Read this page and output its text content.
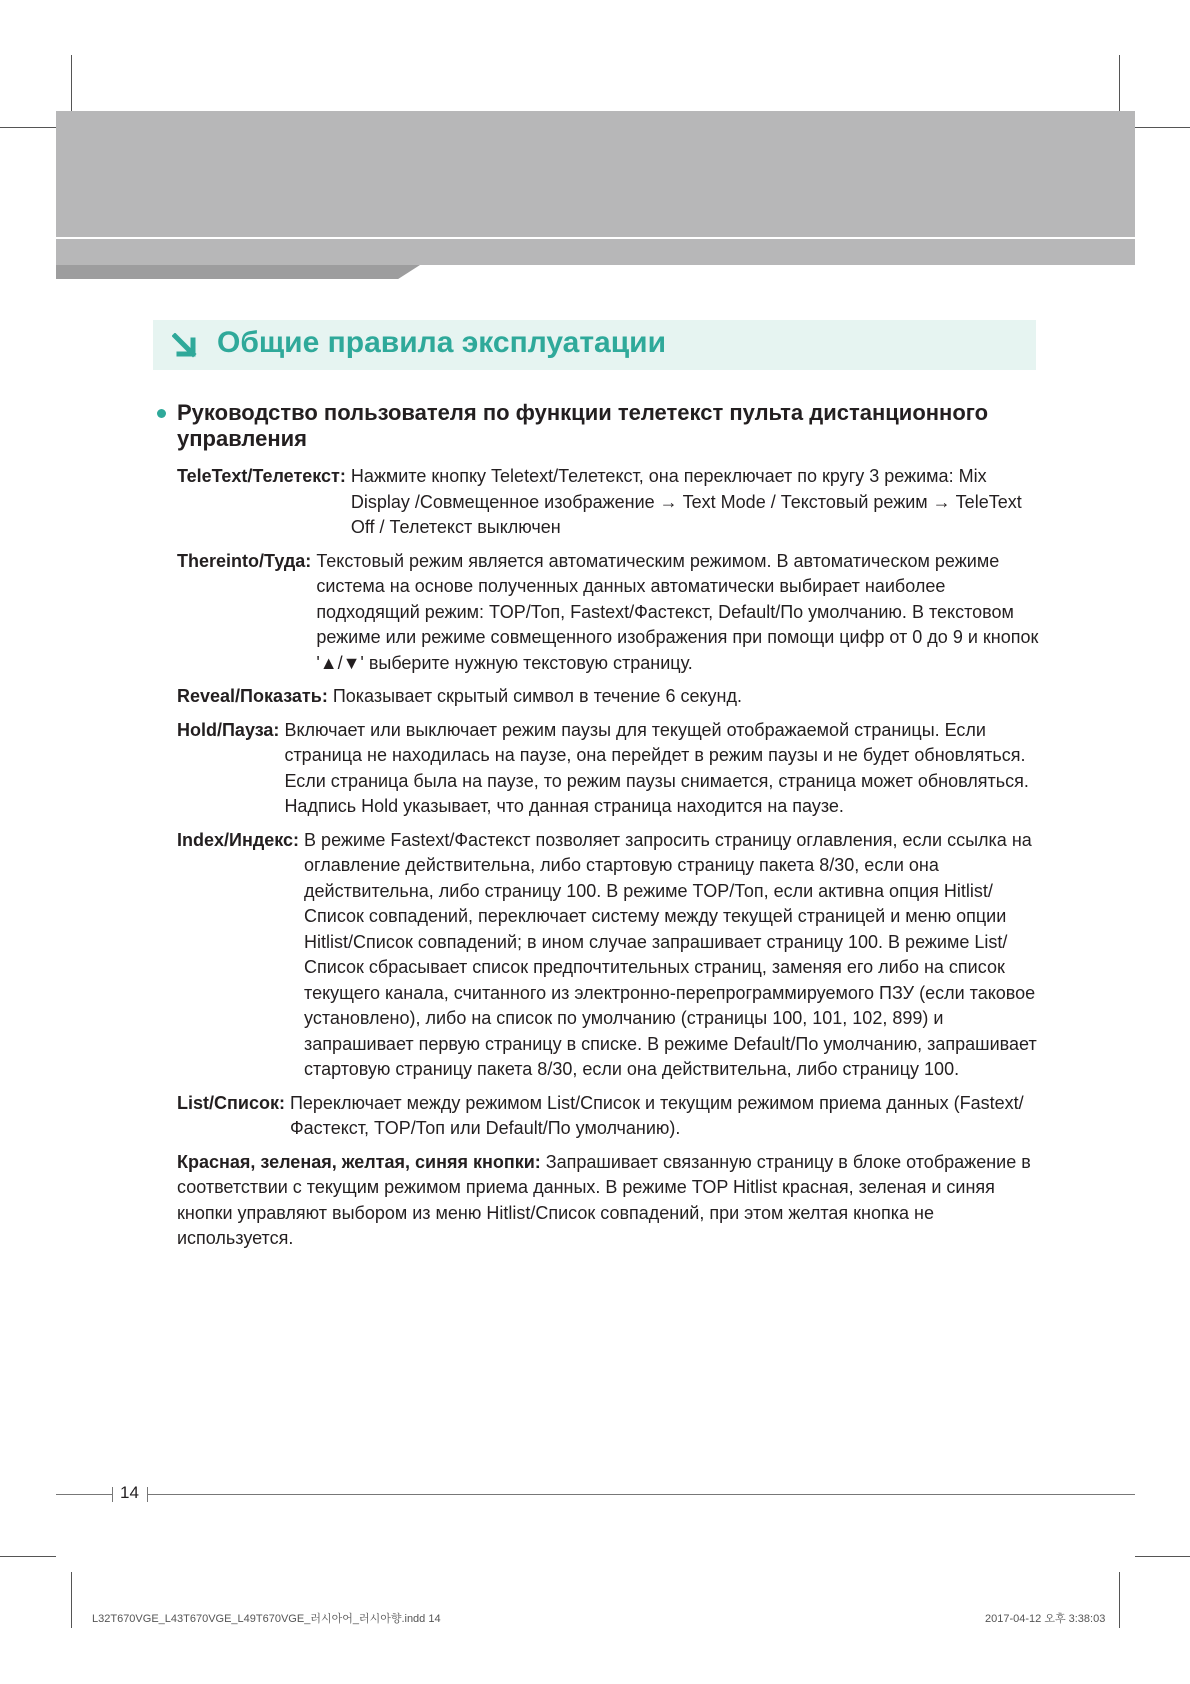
Общие правила эксплуатации
Руководство пользователя по функции телетекст пульта дистанционного управления
TeleText/Телетекст: Нажмите кнопку Teletext/Телетекст, она переключает по кругу 3 режима: Mix Display /Совмещенное изображение → Text Mode / Текстовый режим → TeleText Off / Телетекст выключен
Thereinto/Туда: Текстовый режим является автоматическим режимом. В автоматическом режиме система на основе полученных данных автоматически выбирает наиболее подходящий режим: TOP/Топ, Fastext/Фастекст, Default/По умолчанию. В текстовом режиме или режиме совмещенного изображения при помощи цифр от 0 до 9 и кнопок '▲/▼' выберите нужную текстовую страницу.
Reveal/Показать: Показывает скрытый символ в течение 6 секунд.
Hold/Пауза: Включает или выключает режим паузы для текущей отображаемой страницы. Если страница не находилась на паузе, она перейдет в режим паузы и не будет обновляться. Если страница была на паузе, то режим паузы снимается, страница может обновляться. Надпись Hold указывает, что данная страница находится на паузе.
Index/Индекс: В режиме Fastext/Фастекст позволяет запросить страницу оглавления, если ссылка на оглавление действительна, либо стартовую страницу пакета 8/30, если она действительна, либо страницу 100. В режиме TOP/Топ, если активна опция Hitlist/Список совпадений, переключает систему между текущей страницей и меню опции Hitlist/Список совпадений; в ином случае запрашивает страницу 100. В режиме List/Список сбрасывает список предпочтительных страниц, заменяя его либо на список текущего канала, считанного из электронно-перепрограммируемого ПЗУ (если таковое установлено), либо на список по умолчанию (страницы 100, 101, 102, 899) и запрашивает первую страницу в списке. В режиме Default/По умолчанию, запрашивает стартовую страницу пакета 8/30, если она действительна, либо страницу 100.
List/Список: Переключает между режимом List/Список и текущим режимом приема данных (Fastext/Фастекст, TOP/Топ или Default/По умолчанию).
Красная, зеленая, желтая, синяя кнопки: Запрашивает связанную страницу в блоке отображение в соответствии с текущим режимом приема данных. В режиме TOP Hitlist красная, зеленая и синяя кнопки управляют выбором из меню Hitlist/Список совпадений, при этом желтая кнопка не используется.
14
L32T670VGE_L43T670VGE_L49T670VGE_러시아어_러시아향.indd 14	2017-04-12 오후 3:38:03
